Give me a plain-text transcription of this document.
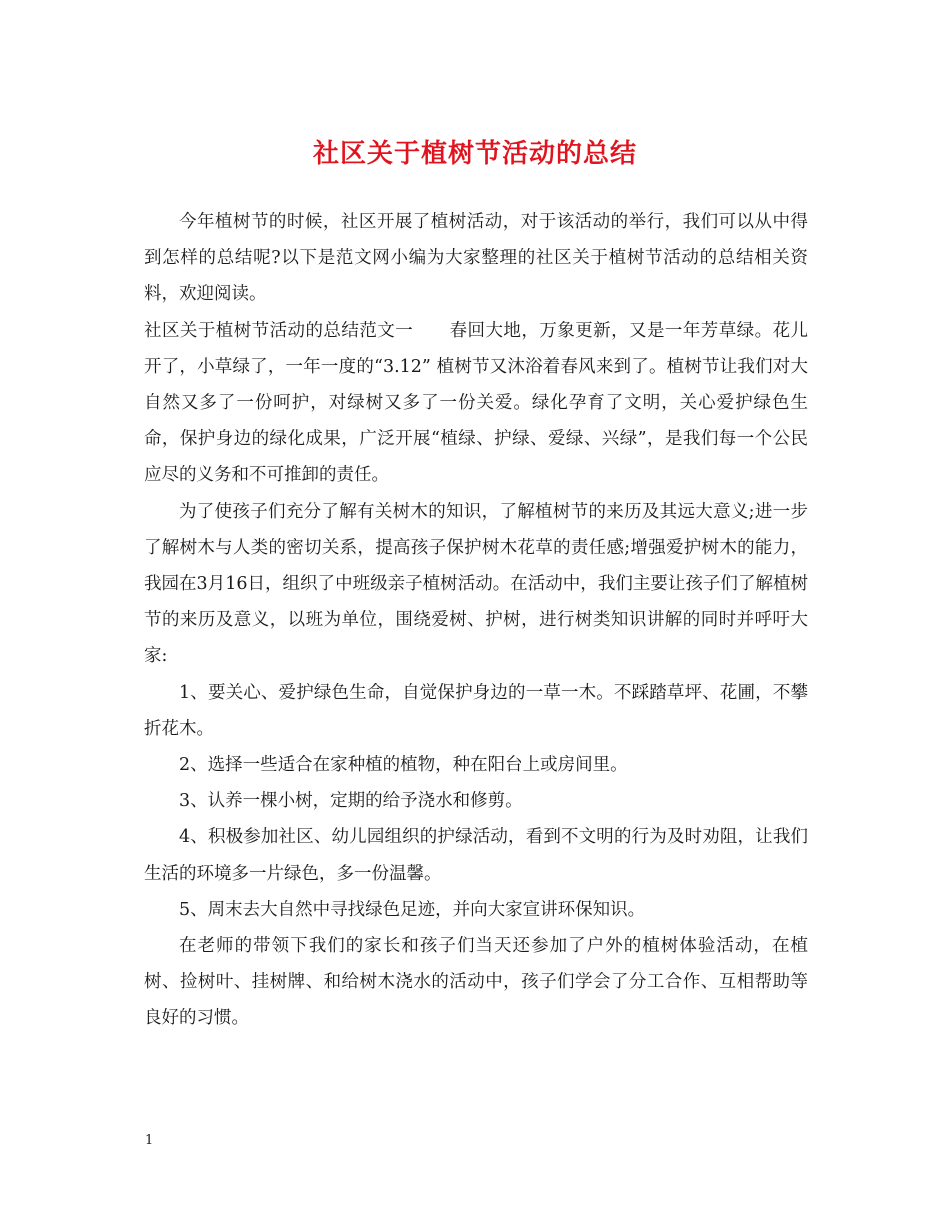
社区关于植树节活动的总结

今年植树节的时候，社区开展了植树活动，对于该活动的举行，我们可以从中得到怎样的总结呢?以下是范文网小编为大家整理的社区关于植树节活动的总结相关资料，欢迎阅读。

社区关于植树节活动的总结范文一 春回大地，万象更新，又是一年芳草绿。花儿开了，小草绿了，一年一度的“3.12” 植树节又沐浴着春风来到了。植树节让我们对大自然又多了一份呵护，对绿树又多了一份关爱。绿化孕育了文明，关心爱护绿色生命，保护身边的绿化成果，广泛开展“植绿、护绿、爱绿、兴绿”，是我们每一个公民应尽的义务和不可推卸的责任。

为了使孩子们充分了解有关树木的知识，了解植树节的来历及其远大意义;进一步了解树木与人类的密切关系，提高孩子保护树木花草的责任感;增强爱护树木的能力，我园在3月16日，组织了中班级亲子植树活动。在活动中，我们主要让孩子们了解植树节的来历及意义，以班为单位，围绕爱树、护树，进行树类知识讲解的同时并呼吁大家:

1、要关心、爱护绿色生命，自觉保护身边的一草一木。不踩踏草坪、花圃，不攀折花木。

2、选择一些适合在家种植的植物，种在阳台上或房间里。

3、认养一棵小树，定期的给予浇水和修剪。

4、积极参加社区、幼儿园组织的护绿活动，看到不文明的行为及时劝阻，让我们生活的环境多一片绿色，多一份温馨。

5、周末去大自然中寻找绿色足迹，并向大家宣讲环保知识。

在老师的带领下我们的家长和孩子们当天还参加了户外的植树体验活动，在植树、捡树叶、挂树牌、和给树木浇水的活动中，孩子们学会了分工合作、互相帮助等良好的习惯。

1
